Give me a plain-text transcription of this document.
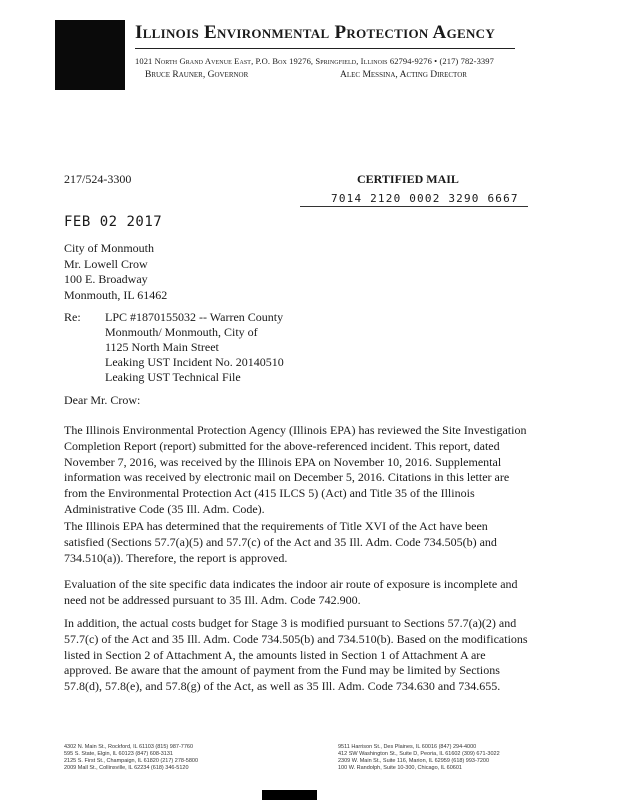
Illinois Environmental Protection Agency
1021 North Grand Avenue East, P.O. Box 19276, Springfield, Illinois 62794-9276 • (217) 782-3397
Bruce Rauner, Governor	Alec Messina, Acting Director
217/524-3300	CERTIFIED MAIL
7014 2120 0002 3290 6667
FEB 02 2017
City of Monmouth
Mr. Lowell Crow
100 E. Broadway
Monmouth, IL 61462
Re: LPC #1870155032 -- Warren County
Monmouth/ Monmouth, City of
1125 North Main Street
Leaking UST Incident No. 20140510
Leaking UST Technical File
Dear Mr. Crow:
The Illinois Environmental Protection Agency (Illinois EPA) has reviewed the Site Investigation
Completion Report (report) submitted for the above-referenced incident. This report, dated
November 7, 2016, was received by the Illinois EPA on November 10, 2016. Supplemental
information was received by electronic mail on December 5, 2016. Citations in this letter are
from the Environmental Protection Act (415 ILCS 5) (Act) and Title 35 of the Illinois
Administrative Code (35 Ill. Adm. Code).
The Illinois EPA has determined that the requirements of Title XVI of the Act have been
satisfied (Sections 57.7(a)(5) and 57.7(c) of the Act and 35 Ill. Adm. Code 734.505(b) and
734.510(a)). Therefore, the report is approved.
Evaluation of the site specific data indicates the indoor air route of exposure is incomplete and
need not be addressed pursuant to 35 Ill. Adm. Code 742.900.
In addition, the actual costs budget for Stage 3 is modified pursuant to Sections 57.7(a)(2) and
57.7(c) of the Act and 35 Ill. Adm. Code 734.505(b) and 734.510(b). Based on the modifications
listed in Section 2 of Attachment A, the amounts listed in Section 1 of Attachment A are
approved. Be aware that the amount of payment from the Fund may be limited by Sections
57.8(d), 57.8(e), and 57.8(g) of the Act, as well as 35 Ill. Adm. Code 734.630 and 734.655.
4302 N. Main St., Rockford, IL 61103 (815) 987-7760
595 S. State, Elgin, IL 60123 (847) 608-3131
2125 S. First St., Champaign, IL 61820 (217) 278-5800
2009 Mall St., Collinsville, IL 62234 (618) 346-5120
9511 Harrison St., Des Plaines, IL 60016 (847) 294-4000
412 SW Washington St., Suite D, Peoria, IL 61602 (309) 671-3022
2309 W. Main St., Suite 116, Marion, IL 62959 (618) 993-7200
100 W. Randolph, Suite 10-300, Chicago, IL 60601
